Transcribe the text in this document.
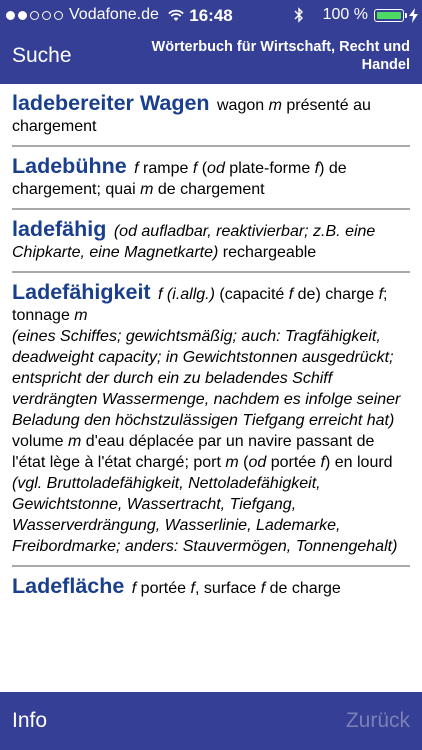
Vodafone.de	16:48	100 %
Suche	Wörterbuch für Wirtschaft, Recht und Handel
ladebereiter Wagen wagon m présenté au chargement
Ladebühne f rampe f (od plate-forme f) de chargement; quai m de chargement
ladefähig (od aufladbar, reaktivierbar; z.B. eine Chipkarte, eine Magnetkarte) rechargeable
Ladefähigkeit f (i.allg.) (capacité f de) charge f; tonnage m
(eines Schiffes; gewichtsmäßig; auch: Tragfähigkeit, deadweight capacity; in Gewichtstonnen ausgedrückt; entspricht der durch ein zu beladendes Schiff verdrängten Wassermenge, nachdem es infolge seiner Beladung den höchstzulässigen Tiefgang erreicht hat) volume m d'eau déplacée par un navire passant de l'état lège à l'état chargé; port m (od portée f) en lourd
(vgl. Bruttoladefähigkeit, Nettoladefähigkeit, Gewichtstonne, Wassertracht, Tiefgang, Wasserverdrängung, Wasserlinie, Lademarke, Freibordmarke; anders: Stauvermögen, Tonnengehalt)
Ladefläche f portée f, surface f de charge
Info	Zurück
